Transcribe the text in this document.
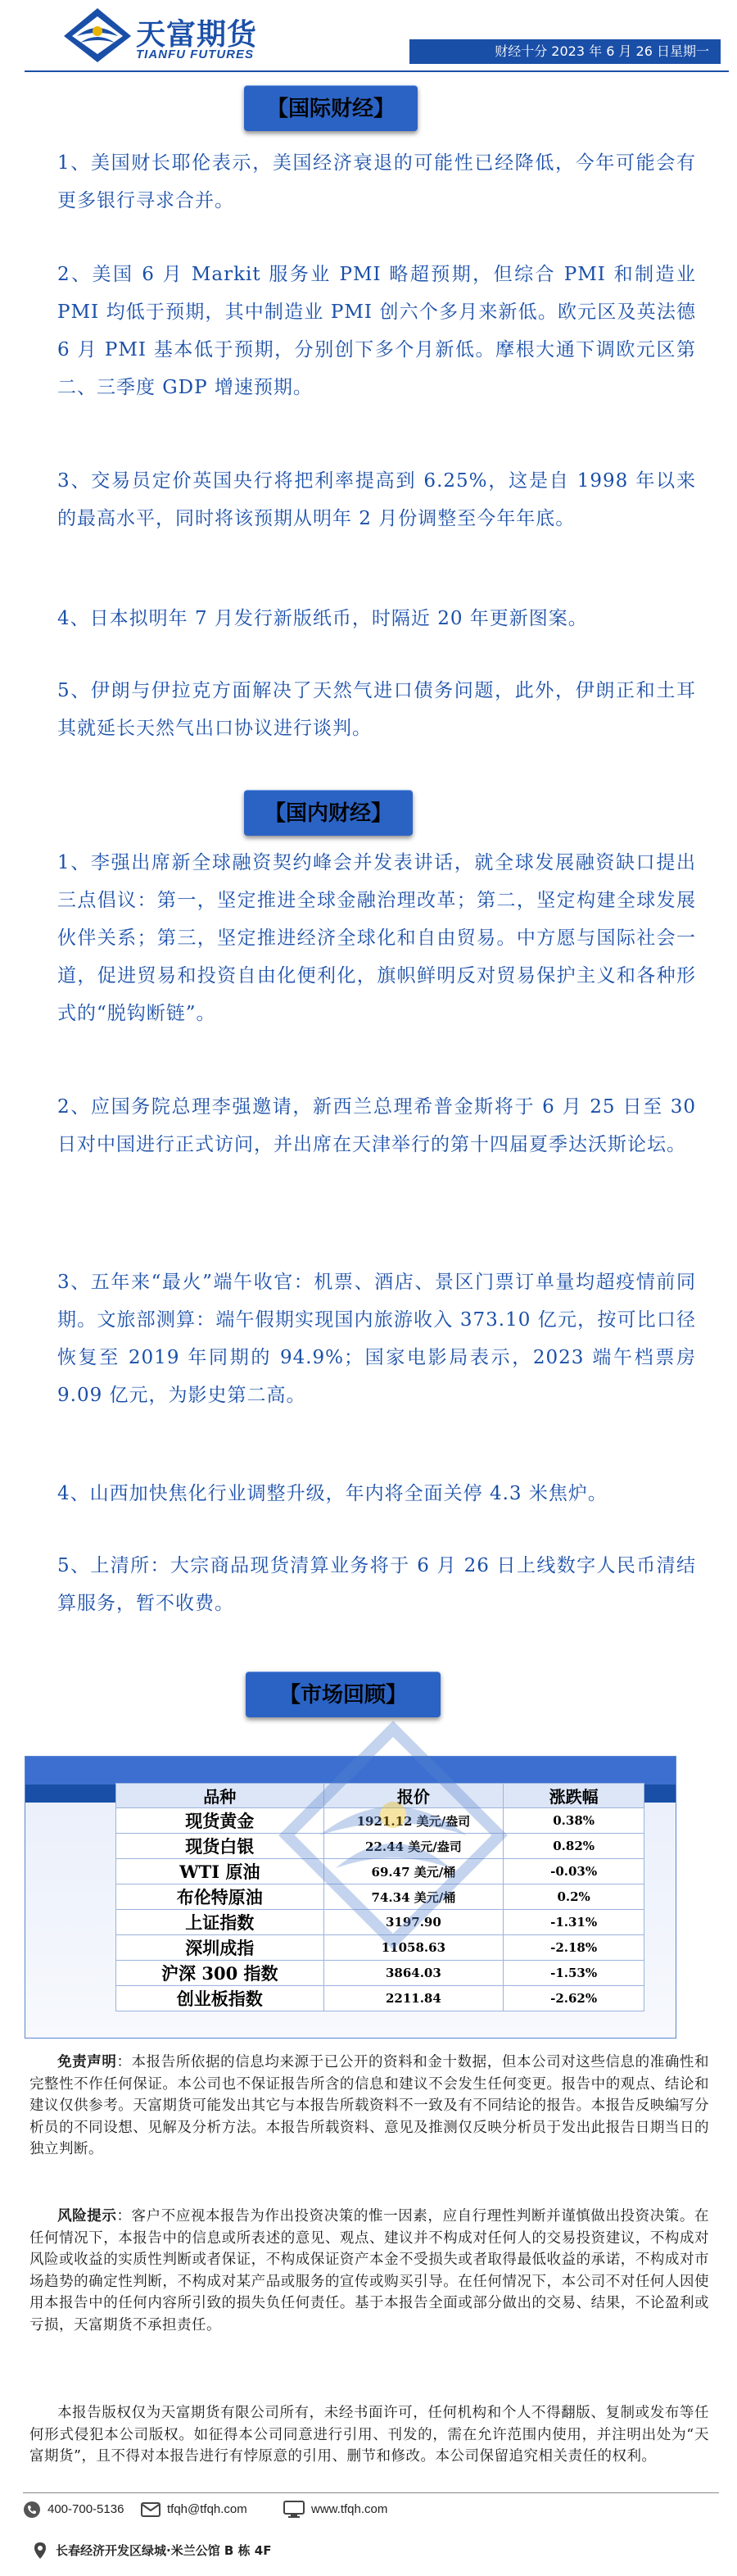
天富期货
TIANFU FUTURES	财经十分 2023 年 6 月 26 日星期一
【国际财经】
1、美国财长耶伦表示，美国经济衰退的可能性已经降低，今年可能会有更多银行寻求合并。
2、美国 6 月 Markit 服务业 PMI 略超预期，但综合 PMI 和制造业 PMI 均低于预期，其中制造业 PMI 创六个多月来新低。欧元区及英法德 6 月 PMI 基本低于预期，分别创下多个月新低。摩根大通下调欧元区第二、三季度 GDP 增速预期。
3、交易员定价英国央行将把利率提高到 6.25%，这是自 1998 年以来的最高水平，同时将该预期从明年 2 月份调整至今年年底。
4、日本拟明年 7 月发行新版纸币，时隔近 20 年更新图案。
5、伊朗与伊拉克方面解决了天然气进口债务问题，此外，伊朗正和土耳其就延长天然气出口协议进行谈判。
【国内财经】
1、李强出席新全球融资契约峰会并发表讲话，就全球发展融资缺口提出三点倡议：第一，坚定推进全球金融治理改革；第二，坚定构建全球发展伙伴关系；第三，坚定推进经济全球化和自由贸易。中方愿与国际社会一道，促进贸易和投资自由化便利化，旗帜鲜明反对贸易保护主义和各种形式的“脱钩断链”。
2、应国务院总理李强邀请，新西兰总理希普金斯将于 6 月 25 日至 30 日对中国进行正式访问，并出席在天津举行的第十四届夏季达沃斯论坛。
3、五年来“最火”端午收官：机票、酒店、景区门票订单量均超疫情前同期。文旅部测算：端午假期实现国内旅游收入 373.10 亿元，按可比口径恢复至 2019 年同期的 94.9%；国家电影局表示，2023 端午档票房 9.09 亿元，为影史第二高。
4、山西加快焦化行业调整升级，年内将全面关停 4.3 米焦炉。
5、上清所：大宗商品现货清算业务将于 6 月 26 日上线数字人民币清结算服务，暂不收费。
【市场回顾】
品种	报价	涨跌幅
现货黄金	1921.12 美元/盎司	0.38%
现货白银	22.44 美元/盎司	0.82%
WTI 原油	69.47 美元/桶	-0.03%
布伦特原油	74.34 美元/桶	0.2%
上证指数	3197.90	-1.31%
深圳成指	11058.63	-2.18%
沪深 300 指数	3864.03	-1.53%
创业板指数	2211.84	-2.62%
免责声明：本报告所依据的信息均来源于已公开的资料和金十数据，但本公司对这些信息的准确性和完整性不作任何保证。本公司也不保证报告所含的信息和建议不会发生任何变更。报告中的观点、结论和建议仅供参考。天富期货可能发出其它与本报告所载资料不一致及有不同结论的报告。本报告反映编写分析员的不同设想、见解及分析方法。本报告所载资料、意见及推测仅反映分析员于发出此报告日期当日的独立判断。
风险提示：客户不应视本报告为作出投资决策的惟一因素，应自行理性判断并谨慎做出投资决策。在任何情况下，本报告中的信息或所表述的意见、观点、建议并不构成对任何人的交易投资建议，不构成对风险或收益的实质性判断或者保证，不构成保证资产本金不受损失或者取得最低收益的承诺，不构成对市场趋势的确定性判断，不构成对某产品或服务的宣传或购买引导。在任何情况下，本公司不对任何人因使用本报告中的任何内容所引致的损失负任何责任。基于本报告全面或部分做出的交易、结果，不论盈利或亏损，天富期货不承担责任。
本报告版权仅为天富期货有限公司所有，未经书面许可，任何机构和个人不得翻版、复制或发布等任何形式侵犯本公司版权。如征得本公司同意进行引用、刊发的，需在允许范围内使用，并注明出处为“天富期货”，且不得对本报告进行有悖原意的引用、删节和修改。本公司保留追究相关责任的权利。
400-700-5136	tfqh@tfqh.com	www.tfqh.com
长春经济开发区绿城·米兰公馆 B 栋 4F
